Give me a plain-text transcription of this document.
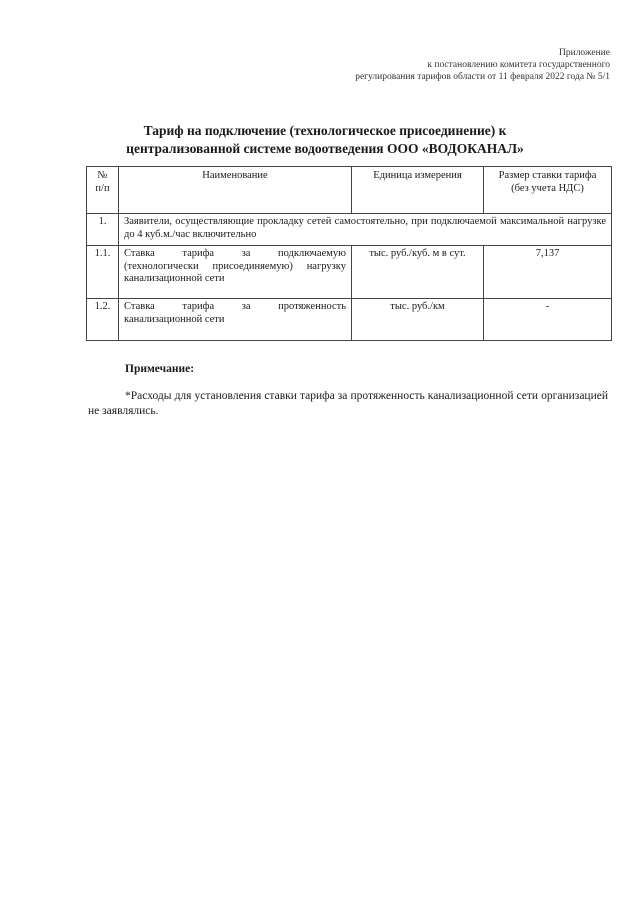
Приложение
к постановлению комитета государственного
регулирования тарифов области от 11 февраля 2022 года № 5/1
Тариф на подключение (технологическое присоединение) к
централизованной системе водоотведения ООО «ВОДОКАНАЛ»
№ п/п	Наименование	Единица измерения	Размер ставки тарифа (без учета НДС)
1.	Заявители, осуществляющие прокладку сетей самостоятельно, при подключаемой максимальной нагрузке до 4 куб.м./час включительно		
1.1.	Ставка тарифа за подключаемую (технологически присоединяемую) нагрузку канализационной сети	тыс. руб./куб. м в сут.	7,137
1.2.	Ставка тарифа за протяженность канализационной сети	тыс. руб./км	-
Примечание:
*Расходы для установления ставки тарифа за протяженность канализационной сети организацией не заявлялись.
